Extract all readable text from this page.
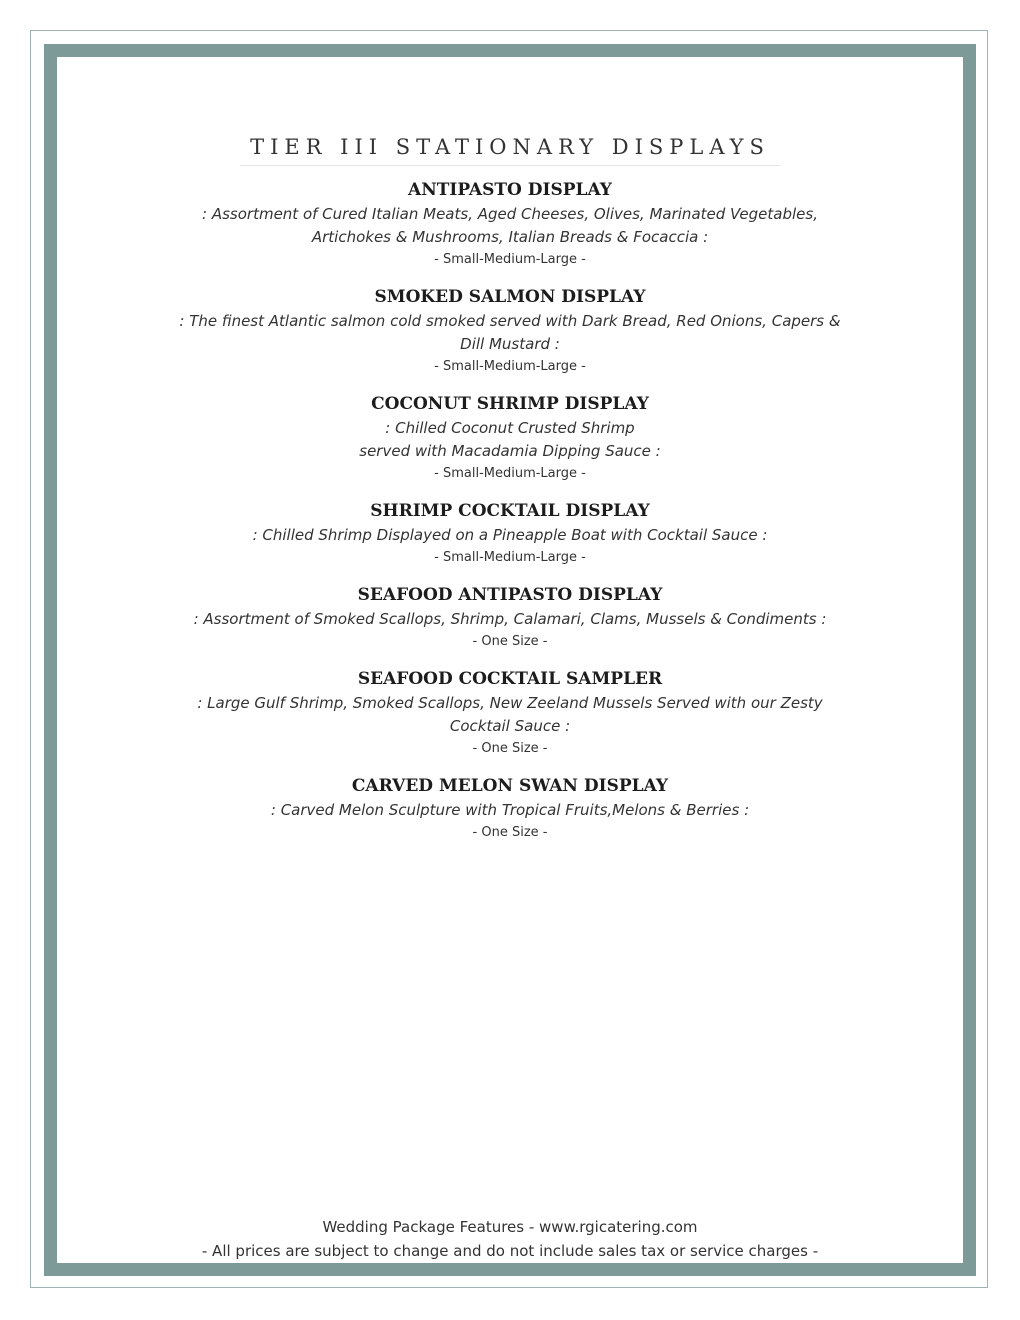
TIER III STATIONARY DISPLAYS
ANTIPASTO DISPLAY
: Assortment of Cured Italian Meats, Aged Cheeses, Olives, Marinated Vegetables,
Artichokes & Mushrooms, Italian Breads & Focaccia :
- Small-Medium-Large -
SMOKED SALMON DISPLAY
: The finest Atlantic salmon cold smoked served with Dark Bread, Red Onions, Capers &
Dill Mustard :
- Small-Medium-Large -
COCONUT SHRIMP DISPLAY
: Chilled Coconut Crusted Shrimp
served with Macadamia Dipping Sauce :
- Small-Medium-Large -
SHRIMP COCKTAIL DISPLAY
: Chilled Shrimp Displayed on a Pineapple Boat with Cocktail Sauce :
- Small-Medium-Large -
SEAFOOD ANTIPASTO DISPLAY
: Assortment of Smoked Scallops, Shrimp, Calamari, Clams, Mussels & Condiments :
- One Size -
SEAFOOD COCKTAIL SAMPLER
: Large Gulf Shrimp, Smoked Scallops, New Zeeland Mussels Served with our Zesty
Cocktail Sauce :
- One Size -
CARVED MELON SWAN DISPLAY
: Carved Melon Sculpture with Tropical Fruits,Melons & Berries :
- One Size -
Wedding Package Features - www.rgicatering.com
- All prices are subject to change and do not include sales tax or service charges -
